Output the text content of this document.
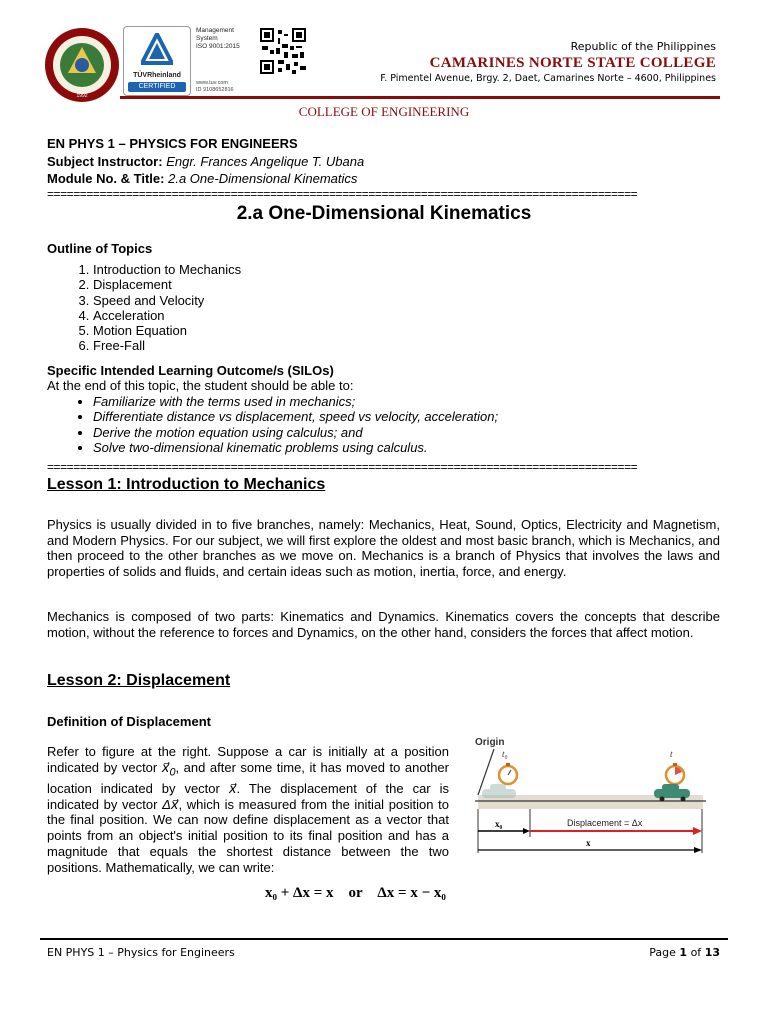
1992
TÜVRheinland
CERTIFIED
Management
System
ISO 9001:2015
www.tuv.com
ID 9108652816
Republic of the Philippines
CAMARINES NORTE STATE COLLEGE
F. Pimentel Avenue, Brgy. 2, Daet, Camarines Norte – 4600, Philippines
COLLEGE OF ENGINEERING
EN PHYS 1 – PHYSICS FOR ENGINEERS
Subject Instructor: Engr. Frances Angelique T. Ubana
Module No. & Title: 2.a One-Dimensional Kinematics
==========================================================================================
2.a One-Dimensional Kinematics
Outline of Topics
1. Introduction to Mechanics
2. Displacement
3. Speed and Velocity
4. Acceleration
5. Motion Equation
6. Free-Fall
Specific Intended Learning Outcome/s (SILOs)
At the end of this topic, the student should be able to:
• Familiarize with the terms used in mechanics;
• Differentiate distance vs displacement, speed vs velocity, acceleration;
• Derive the motion equation using calculus; and
• Solve two-dimensional kinematic problems using calculus.
==========================================================================================
Lesson 1: Introduction to Mechanics
Physics is usually divided in to five branches, namely: Mechanics, Heat, Sound, Optics, Electricity and Magnetism, and Modern Physics. For our subject, we will first explore the oldest and most basic branch, which is Mechanics, and then proceed to the other branches as we move on. Mechanics is a branch of Physics that involves the laws and properties of solids and fluids, and certain ideas such as motion, inertia, force, and energy.
Mechanics is composed of two parts: Kinematics and Dynamics. Kinematics covers the concepts that describe motion, without the reference to forces and Dynamics, on the other hand, considers the forces that affect motion.
Lesson 2: Displacement
Definition of Displacement
Refer to figure at the right. Suppose a car is initially at a position indicated by vector $x⃗_0$, and after some time, it has moved to another location indicated by vector x⃗. The displacement of the car is indicated by vector Δx⃗, which is measured from the initial position to the final position. We can now define displacement as a vector that points from an object's initial position to its final position and has a magnitude that equals the shortest distance between the two positions. Mathematically, we can write:
Origin
t₀	t
x₀	Displacement = Δx
x
x₀ + Δx = x    or    Δx = x − x₀
EN PHYS 1 – Physics for Engineers	Page 1 of 13
